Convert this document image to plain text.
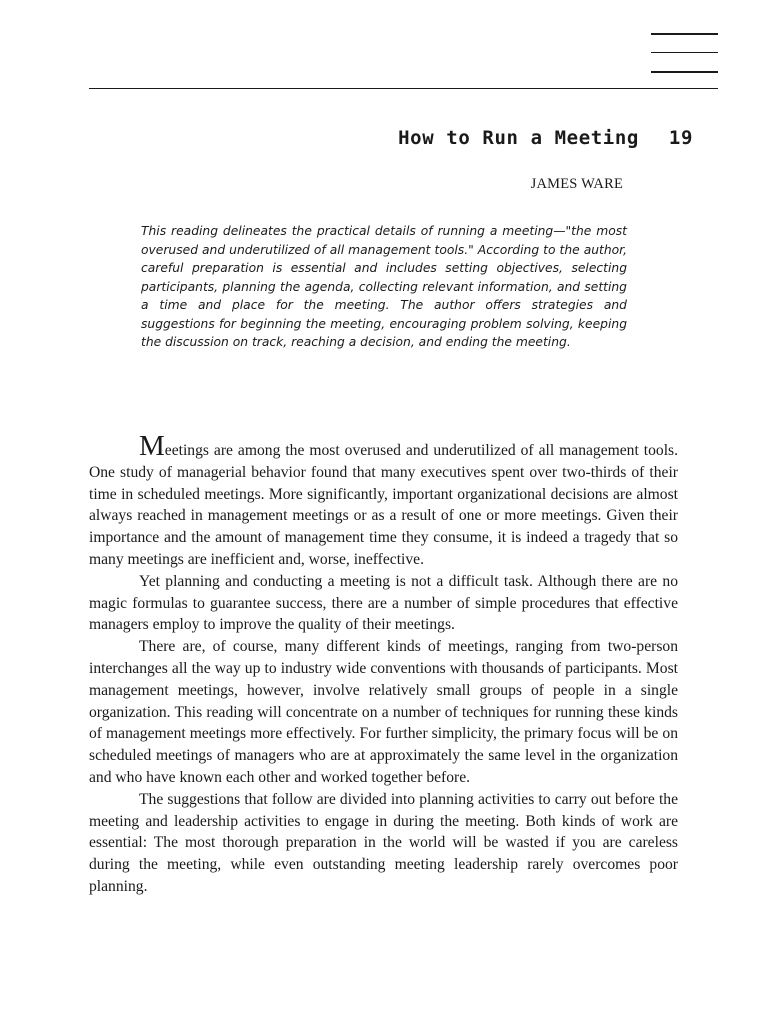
How to Run a Meeting 19
JAMES WARE

This reading delineates the practical details of running a meeting—"the most overused and underutilized of all management tools." According to the author, careful preparation is essential and includes setting objectives, selecting participants, planning the agenda, collecting relevant information, and setting a time and place for the meeting. The author offers strategies and suggestions for beginning the meeting, encouraging problem solving, keeping the discussion on track, reaching a decision, and ending the meeting.

Meetings are among the most overused and underutilized of all management tools. One study of managerial behavior found that many executives spent over two-thirds of their time in scheduled meetings. More significantly, important organizational decisions are almost always reached in management meetings or as a result of one or more meetings. Given their importance and the amount of management time they consume, it is indeed a tragedy that so many meetings are inefficient and, worse, ineffective.

Yet planning and conducting a meeting is not a difficult task. Although there are no magic formulas to guarantee success, there are a number of simple procedures that effective managers employ to improve the quality of their meetings.

There are, of course, many different kinds of meetings, ranging from two-person interchanges all the way up to industry wide conventions with thousands of participants. Most management meetings, however, involve relatively small groups of people in a single organization. This reading will concentrate on a number of techniques for running these kinds of management meetings more effectively. For further simplicity, the primary focus will be on scheduled meetings of managers who are at approximately the same level in the organization and who have known each other and worked together before.

The suggestions that follow are divided into planning activities to carry out before the meeting and leadership activities to engage in during the meeting. Both kinds of work are essential: The most thorough preparation in the world will be wasted if you are careless during the meeting, while even outstanding meeting leadership rarely overcomes poor planning.
